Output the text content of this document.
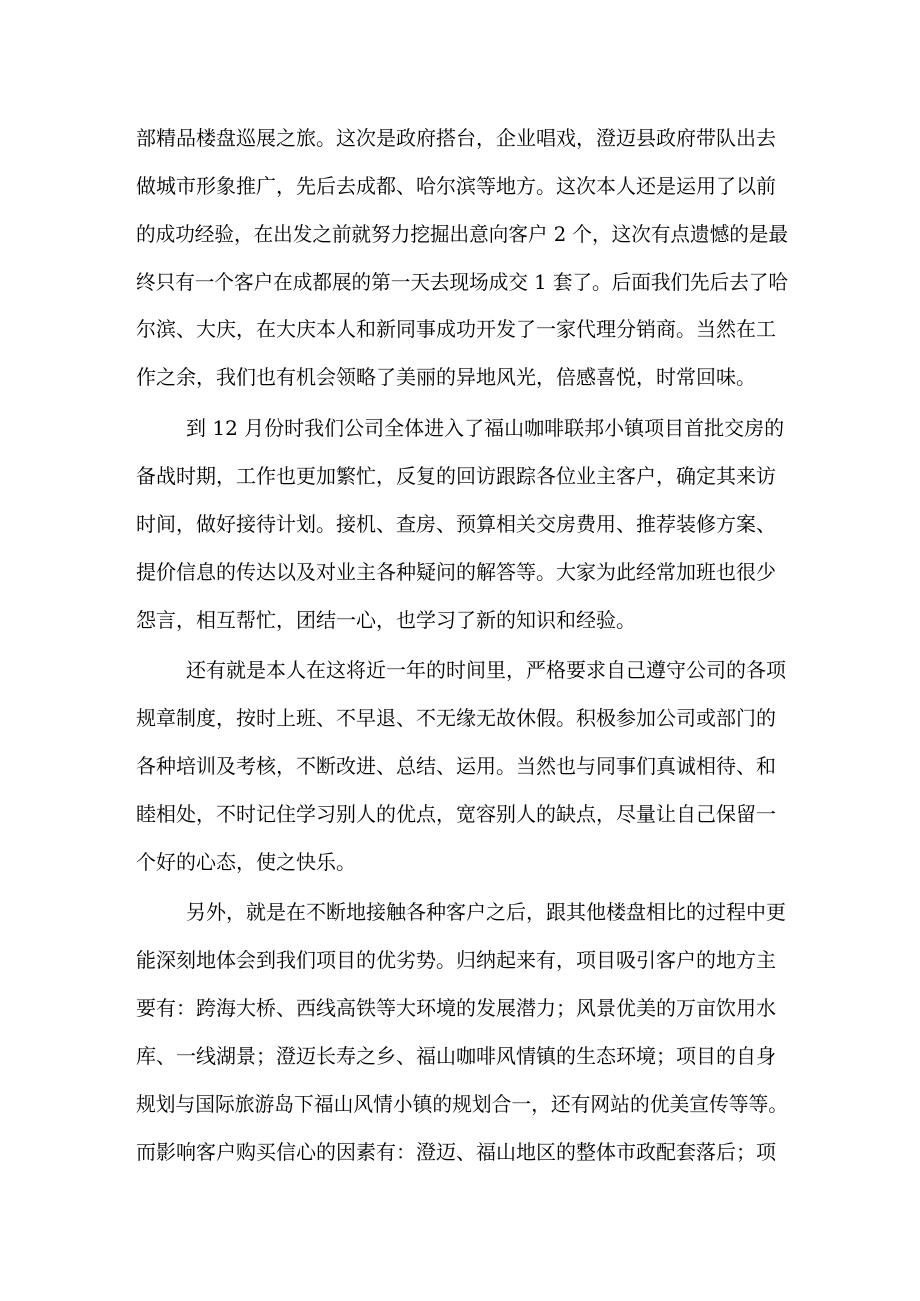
部精品楼盘巡展之旅。这次是政府搭台，企业唱戏，澄迈县政府带队出去
做城市形象推广，先后去成都、哈尔滨等地方。这次本人还是运用了以前
的成功经验，在出发之前就努力挖掘出意向客户 2 个，这次有点遗憾的是最
终只有一个客户在成都展的第一天去现场成交 1 套了。后面我们先后去了哈
尔滨、大庆，在大庆本人和新同事成功开发了一家代理分销商。当然在工
作之余，我们也有机会领略了美丽的异地风光，倍感喜悦，时常回味。
到 12 月份时我们公司全体进入了福山咖啡联邦小镇项目首批交房的
备战时期，工作也更加繁忙，反复的回访跟踪各位业主客户，确定其来访
时间，做好接待计划。接机、查房、预算相关交房费用、推荐装修方案、
提价信息的传达以及对业主各种疑问的解答等。大家为此经常加班也很少
怨言，相互帮忙，团结一心，也学习了新的知识和经验。
还有就是本人在这将近一年的时间里，严格要求自己遵守公司的各项
规章制度，按时上班、不早退、不无缘无故休假。积极参加公司或部门的
各种培训及考核，不断改进、总结、运用。当然也与同事们真诚相待、和
睦相处，不时记住学习别人的优点，宽容别人的缺点，尽量让自己保留一
个好的心态，使之快乐。
另外，就是在不断地接触各种客户之后，跟其他楼盘相比的过程中更
能深刻地体会到我们项目的优劣势。归纳起来有，项目吸引客户的地方主
要有：跨海大桥、西线高铁等大环境的发展潜力；风景优美的万亩饮用水
库、一线湖景；澄迈长寿之乡、福山咖啡风情镇的生态环境；项目的自身
规划与国际旅游岛下福山风情小镇的规划合一，还有网站的优美宣传等等。
而影响客户购买信心的因素有：澄迈、福山地区的整体市政配套落后；项
